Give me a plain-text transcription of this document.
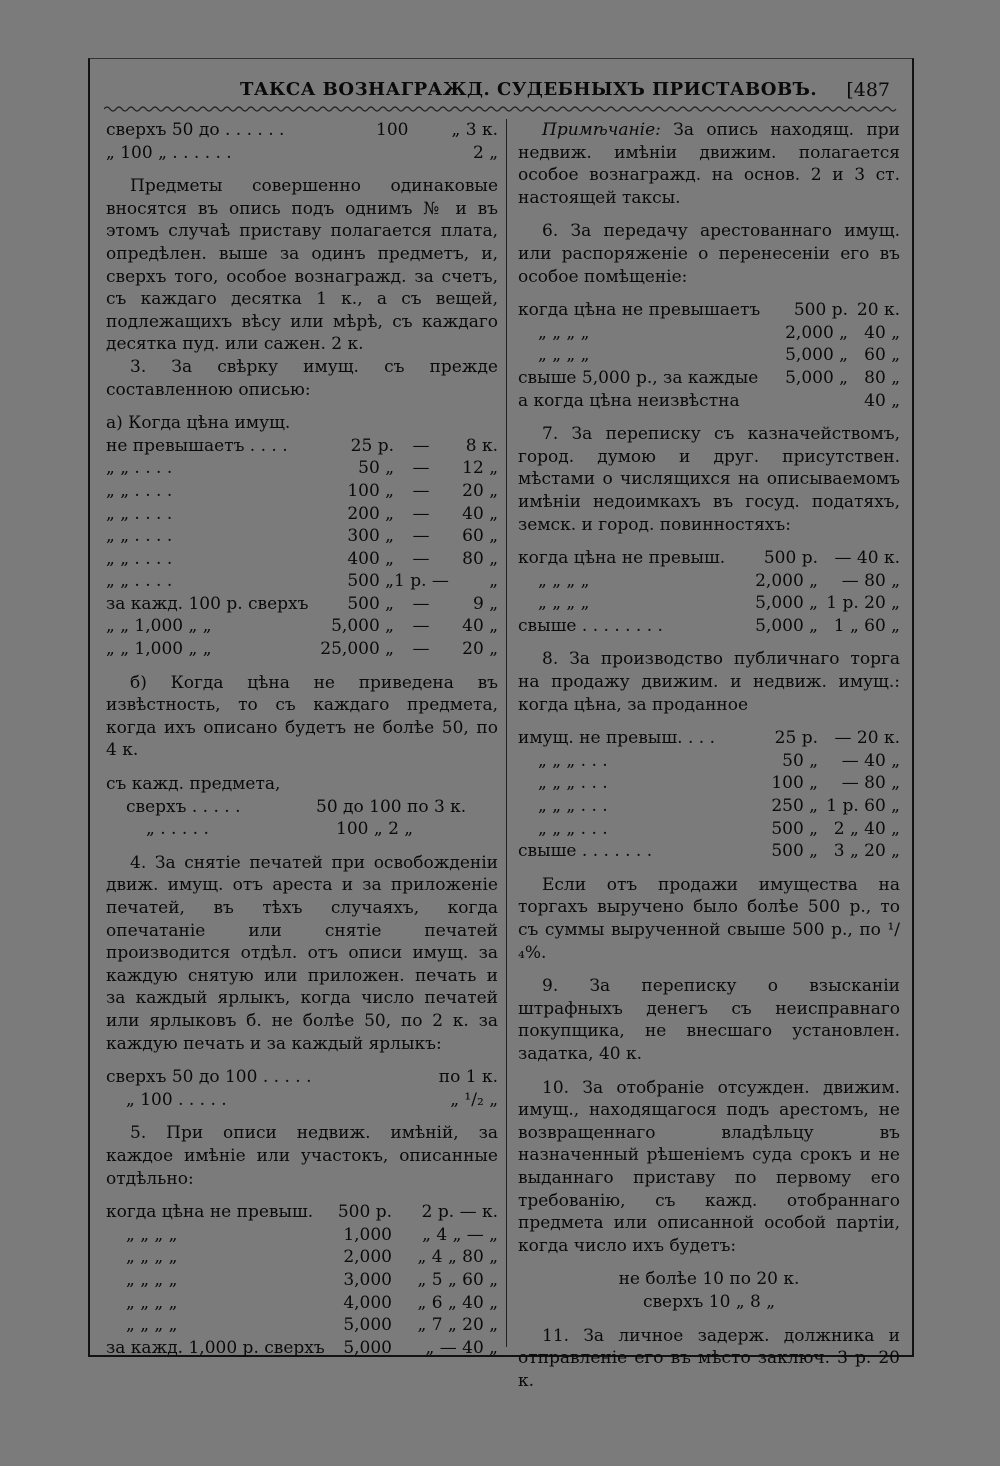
ТАКСА ВОЗНАГРАЖД. СУДЕБНЫХЪ ПРИСТАВОВЪ. [487
сверхъ 50 до . . . . . .	100	„ 3 к.
„ 100 „ . . . . . .	2 „

Предметы совершенно одинаковые вносятся въ опись подъ однимъ № и въ этомъ случаѣ приставу полагается плата, опредѣлен. выше за одинъ предметъ, и, сверхъ того, особое вознагражд. за счетъ, съ каждаго десятка 1 к., а съ вещей, подлежащихъ вѣсу или мѣрѣ, съ каждаго десятка пуд. или сажен. 2 к.

3. За свѣрку имущ. съ прежде составленною описью:

а) Когда цѣна имущ.
не превышаетъ . . . .	25 р.	—	8 к.
„ „ . . . .	50 „	—	12 „
„ „ . . . .	100 „	—	20 „
„ „ . . . .	200 „	—	40 „
„ „ . . . .	300 „	—	60 „
„ „ . . . .	400 „	—	80 „
„ „ . . . .	500 „ 1 р. —	„
за кажд. 100 р. сверхъ	500 „	—	9 „
„ „ 1,000 „ „	5,000 „	—	40 „
„ „ 1,000 „ „	25,000 „	—	20 „

б) Когда цѣна не приведена въ извѣстность, то съ каждаго предмета, когда ихъ описано будетъ не болѣе 50, по 4 к.

съ кажд. предмета,

сверхъ . . . . .	50 до 100 по 3 к.
„ . . . . .	100 „ 2 „

4. За снятіе печатей при освобожденіи движ. имущ. отъ ареста и за приложеніе печатей, въ тѣхъ случаяхъ, когда опечатаніе или снятіе печатей производится отдѣл. отъ описи имущ. за каждую снятую или приложен. печать и за каждый ярлыкъ, когда число печатей или ярлыковъ б. не болѣе 50, по 2 к. за каждую печать и за каждый ярлыкъ:

сверхъ 50 до 100 . . . . .	по 1 к.
„ 100 . . . . .	„ ¹/₂ „

5. При описи недвиж. имѣній, за каждое имѣніе или участокъ, описанные отдѣльно:

когда цѣна не превыш.	500 р.	2 р. — к.
„ „ „ „	1,000	„ 4 „ — „
„ „ „ „	2,000	„ 4 „ 80 „
„ „ „ „	3,000	„ 5 „ 60 „
„ „ „ „	4,000	„ 6 „ 40 „
„ „ „ „	5,000	„ 7 „ 20 „
за кажд. 1,000 р. сверхъ	5,000	„ — 40 „

Примѣчаніе: За опись находящ. при недвиж. имѣніи движим. полагается особое вознагражд. на основ. 2 и 3 ст. настоящей таксы.

6. За передачу арестованнаго имущ. или распоряженіе о перенесеніи его въ особое помѣщеніе:

когда цѣна не превышаетъ	500 р. 20 к.
„ „ „ „	2,000 „ 40 „
„ „ „ „	5,000 „ 60 „
свыше 5,000 р., за каждые	5,000 „ 80 „
а когда цѣна неизвѣстна	40 „

7. За переписку съ казначействомъ, город. думою и друг. присутствен. мѣстами о числящихся на описываемомъ имѣніи недоимкахъ въ госуд. податяхъ, земск. и город. повинностяхъ:

когда цѣна не превыш.	500 р. — 40 к.
„ „ „ „	2,000 „	— 80 „
„ „ „ „	5,000 „ 1 р. 20 „
свыше . . . . . . . .	5,000 „ 1 „ 60 „

8. За производство публичнаго торга на продажу движим. и недвиж. имущ.: когда цѣна, за проданное

имущ. не превыш. . . .	25 р. — 20 к.
„ „ „ . . .	50 „	— 40 „
„ „ „ . . .	100 „	— 80 „
„ „ „ . . .	250 „ 1 р. 60 „
„ „ „ . . .	500 „ 2 „ 40 „
свыше . . . . . . .	500 „ 3 „ 20 „

Если отъ продажи имущества на торгахъ выручено было болѣе 500 р., то съ суммы вырученной свыше 500 р., по ¹/₄%.

9. За переписку о взысканіи штрафныхъ денегъ съ неисправнаго покупщика, не внесшаго установлен. задатка, 40 к.

10. За отобраніе отсужден. движим. имущ., находящагося подъ арестомъ, не возвращеннаго владѣльцу въ назначенный рѣшеніемъ суда срокъ и не выданнаго приставу по первому его требованію, съ кажд. отобраннаго предмета или описанной особой партіи, когда число ихъ будетъ:

не болѣе 10 по 20 к.
сверхъ 10 „ 8 „

11. За личное задерж. должника и отправленіе его въ мѣсто заключ. 3 р. 20 к.
